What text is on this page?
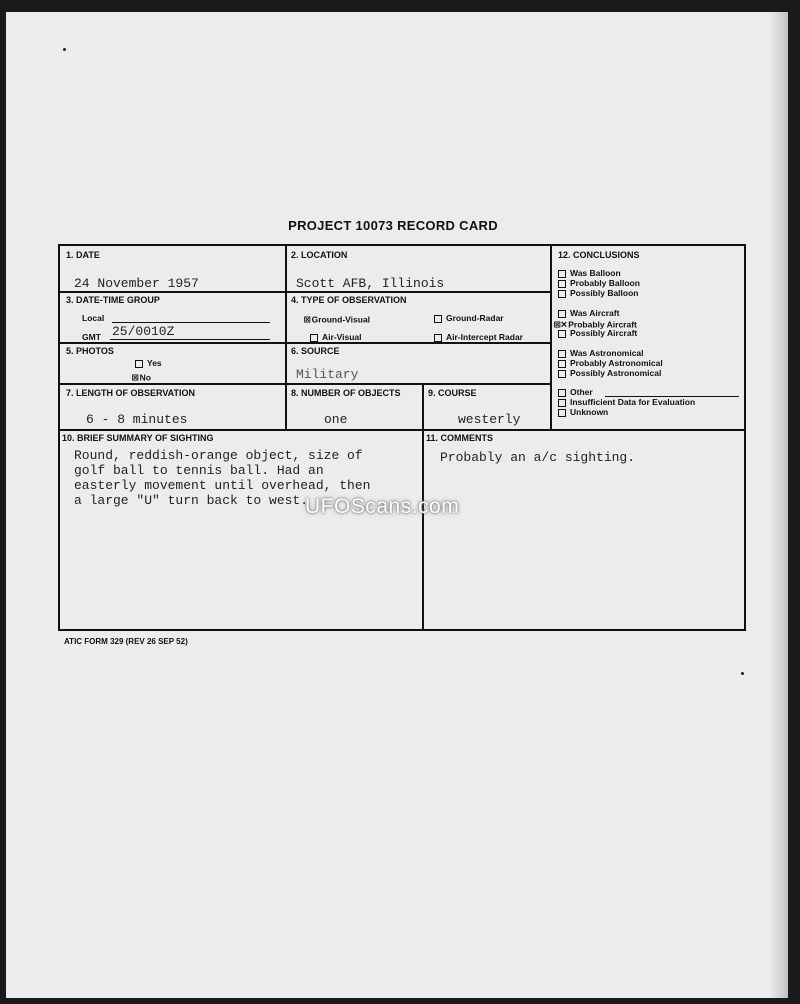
PROJECT 10073 RECORD CARD
1. DATE
24 November 1957
2. LOCATION
Scott AFB, Illinois
3. DATE-TIME GROUP
Local
GMT 25/0010Z
4. TYPE OF OBSERVATION
⊠Ground-Visual	Ground-Radar
Air-Visual	Air-Intercept Radar
5. PHOTOS
Yes
⊠No
6. SOURCE
Military
7. LENGTH OF OBSERVATION
6 - 8 minutes
8. NUMBER OF OBJECTS
one
9. COURSE
westerly
10. BRIEF SUMMARY OF SIGHTING
Round, reddish-orange object, size of
golf ball to tennis ball. Had an
easterly movement until overhead, then
a large "U" turn back to west.
11. COMMENTS
Probably an a/c sighting.
12. CONCLUSIONS
Was Balloon
Probably Balloon
Possibly Balloon
Was Aircraft
⊠×Probably Aircraft
Possibly Aircraft
Was Astronomical
Probably Astronomical
Possibly Astronomical
Other
Insufficient Data for Evaluation
Unknown
UFOScans.com
ATIC FORM 329 (REV 26 SEP 52)
